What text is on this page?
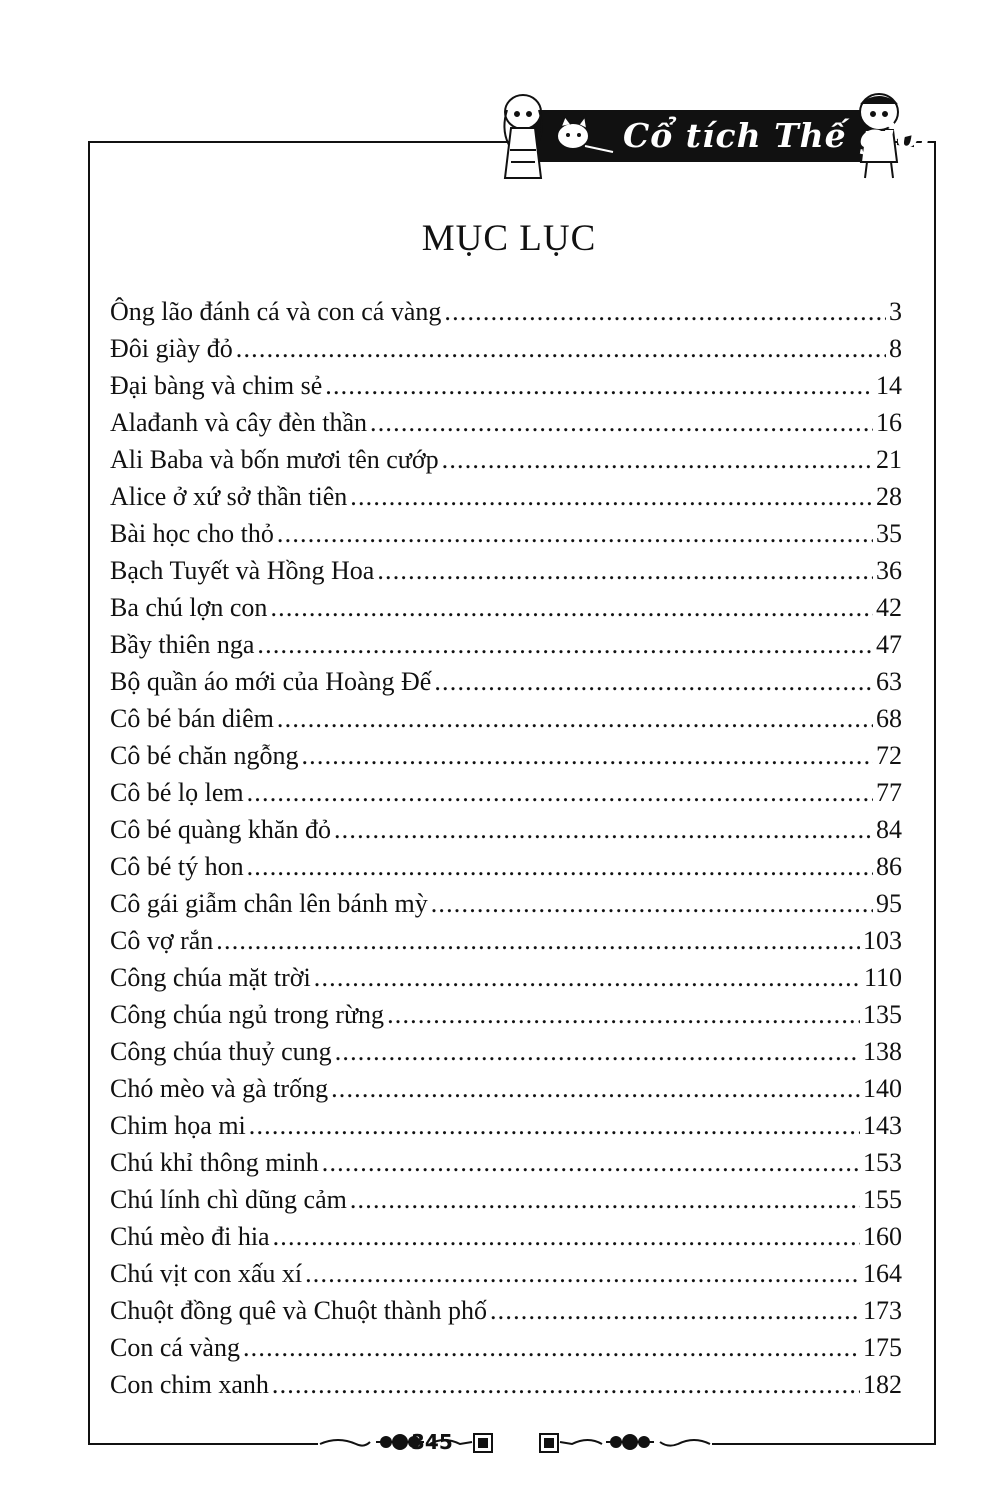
Cổ tích Thế giới
MỤC LỤC
Ông lão đánh cá và con cá vàng .....	3
Đôi giày đỏ .....	8
Đại bàng và chim sẻ .....	14
Alađanh và cây đèn thần .....	16
Ali Baba và bốn mươi tên cướp .....	21
Alice ở xứ sở thần tiên .....	28
Bài học cho thỏ .....	35
Bạch Tuyết và Hồng Hoa .....	36
Ba chú lợn con .....	42
Bầy thiên nga .....	47
Bộ quần áo mới của Hoàng Đế .....	63
Cô bé bán diêm .....	68
Cô bé chăn ngỗng .....	72
Cô bé lọ lem .....	77
Cô bé quàng khăn đỏ .....	84
Cô bé tý hon .....	86
Cô gái giẫm chân lên bánh mỳ .....	95
Cô vợ rắn .....	103
Công chúa mặt trời .....	110
Công chúa ngủ trong rừng .....	135
Công chúa thuỷ cung .....	138
Chó mèo và gà trống .....	140
Chim họa mi .....	143
Chú khỉ thông minh .....	153
Chú lính chì dũng cảm .....	155
Chú mèo đi hia .....	160
Chú vịt con xấu xí .....	164
Chuột đồng quê và Chuột thành phố .....	173
Con cá vàng .....	175
Con chim xanh .....	182
345
